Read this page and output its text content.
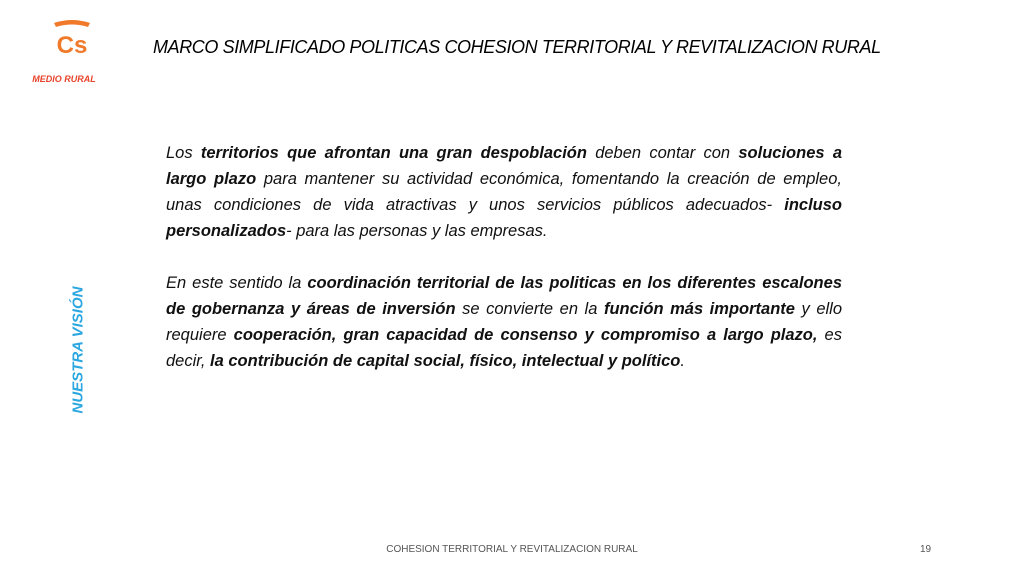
Cs
MEDIO RURAL
MARCO SIMPLIFICADO POLITICAS COHESION TERRITORIAL Y REVITALIZACION RURAL
NUESTRA VISIÓN

Los territorios que afrontan una gran despoblación deben contar con soluciones a largo plazo para mantener su actividad económica, fomentando la creación de empleo, unas condiciones de vida atractivas y unos servicios públicos adecuados- incluso personalizados- para las personas y las empresas.

En este sentido la coordinación territorial de las politicas en los diferentes escalones de gobernanza y áreas de inversión se convierte en la función más importante y ello requiere cooperación, gran capacidad de consenso y compromiso a largo plazo, es decir, la contribución de capital social, físico, intelectual y político.

COHESION TERRITORIAL Y REVITALIZACION RURAL	19
